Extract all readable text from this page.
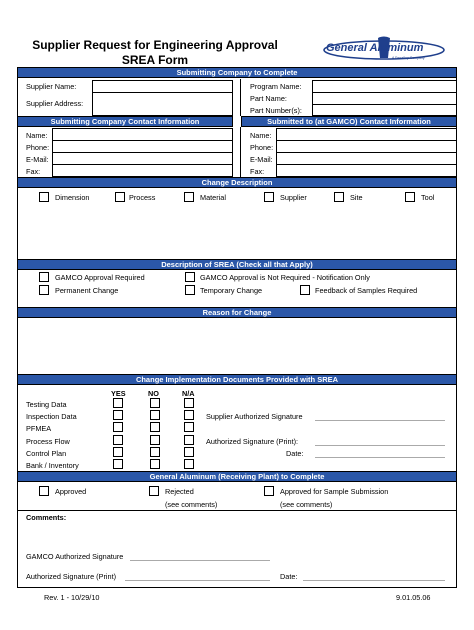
Supplier Request for Engineering Approval
SREA Form
General Aluminum
A Ferralloy Company
Submitting Company to Complete
Supplier Name:
Supplier Address:
Program Name:
Part Name:
Part Number(s):
Submitting Company Contact Information	Submitted to (at GAMCO) Contact Information
Name:
Phone:
E-Mail:
Fax:
Name:
Phone:
E-Mail:
Fax:
Change Description
Dimension	Process	Material	Supplier	Site	Tool
Description of SREA (Check all that Apply)
GAMCO Approval Required	GAMCO Approval is Not Required - Notification Only
Permanent Change	Temporary Change	Feedback of Samples Required
Reason for Change
Change Implementation Documents Provided with SREA
YES	NO	N/A
Testing Data
Inspection Data
PFMEA
Process Flow
Control Plan
Bank / Inventory
Supplier Authorized Signature
Authorized Signature (Print):
Date:
General Aluminum (Receiving Plant) to Complete
Approved	Rejected	Approved for Sample Submission
(see comments)	(see comments)
Comments:
GAMCO Authorized Signature
Authorized Signature (Print)	Date:
Rev. 1 - 10/29/10	9.01.05.06
